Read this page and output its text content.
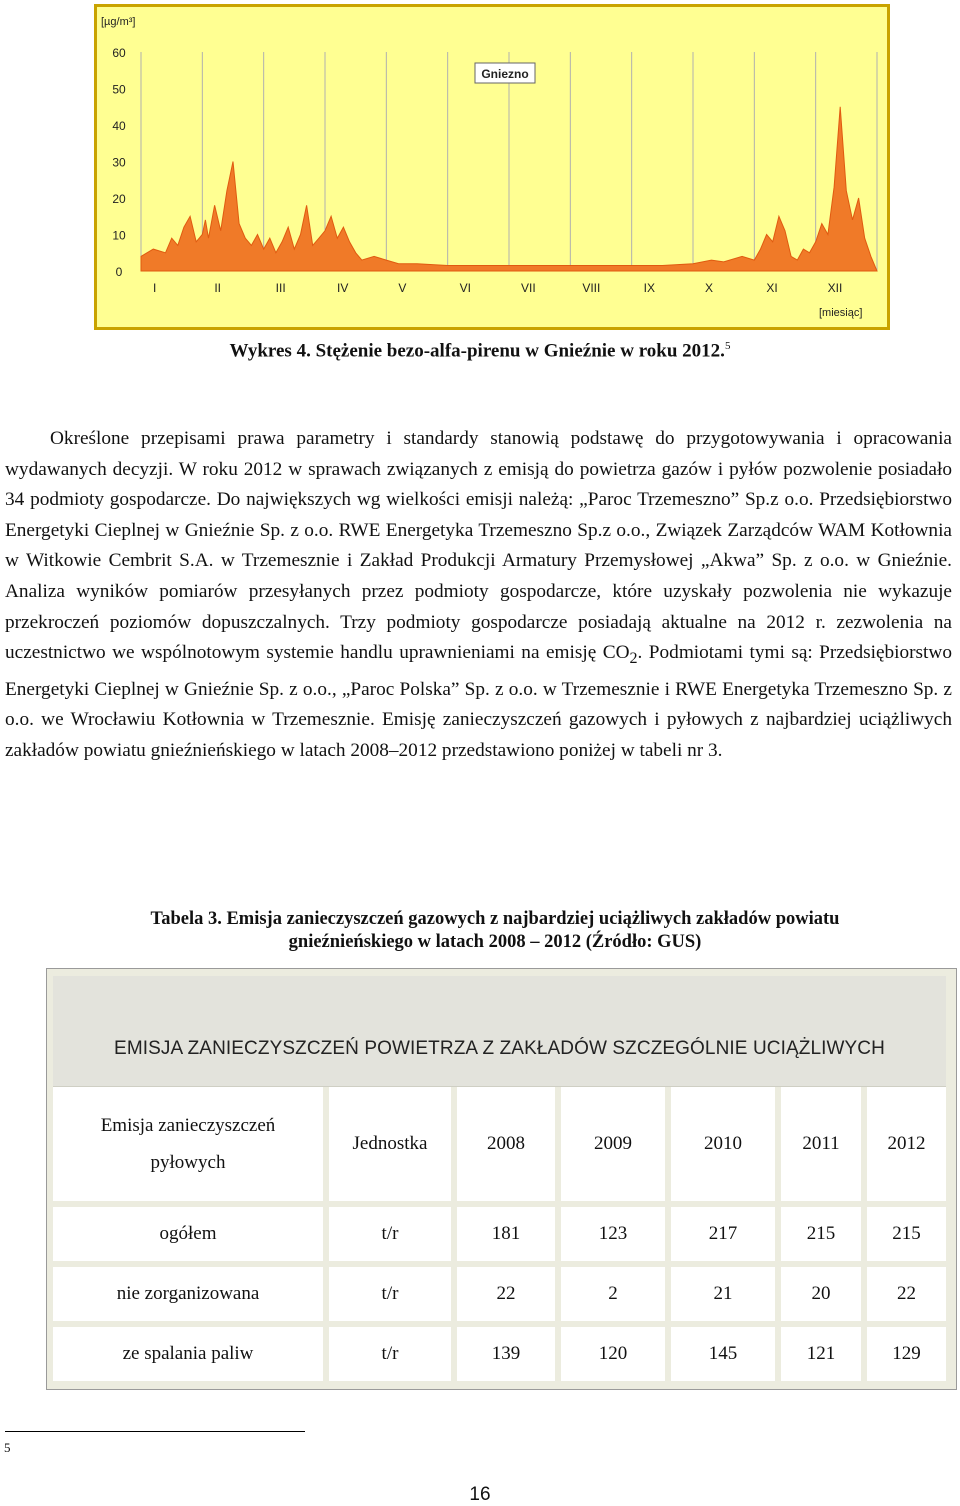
60
50
40
30
20
10
0
I	II	III	IV	V	VI	VII	VIII	IX	X	XI	XII
[µg/m³]
Gniezno
[miesiąc]
Wykres 4. Stężenie bezo-alfa-pirenu w Gnieźnie w roku 2012.$^5$

Określone przepisami prawa parametry i standardy stanowią podstawę do przygotowywania i opracowania wydawanych decyzji. W roku 2012 w sprawach związanych z emisją do powietrza gazów i pyłów pozwolenie posiadało 34 podmioty gospodarcze. Do największych wg wielkości emisji należą: „Paroc Trzemeszno” Sp.z o.o. Przedsiębiorstwo Energetyki Cieplnej w Gnieźnie Sp. z o.o. RWE Energetyka Trzemeszno Sp.z o.o., Związek Zarządców WAM Kotłownia w Witkowie Cembrit S.A. w Trzemesznie i Zakład Produkcji Armatury Przemysłowej „Akwa” Sp. z o.o. w Gnieźnie. Analiza wyników pomiarów przesyłanych przez podmioty gospodarcze, które uzyskały pozwolenia nie wykazuje przekroczeń poziomów dopuszczalnych. Trzy podmioty gospodarcze posiadają aktualne na 2012 r. zezwolenia na uczestnictwo we wspólnotowym systemie handlu uprawnieniami na emisję $CO_2$. Podmiotami tymi są: Przedsiębiorstwo Energetyki Cieplnej w Gnieźnie Sp. z o.o., „Paroc Polska” Sp. z o.o. w Trzemesznie i RWE Energetyka Trzemeszno Sp. z o.o. we Wrocławiu Kotłownia w Trzemesznie. Emisję zanieczyszczeń gazowych i pyłowych z najbardziej uciążliwych zakładów powiatu gnieźnieńskiego w latach 2008–2012 przedstawiono poniżej w tabeli nr 3.

Tabela 3. Emisja zanieczyszczeń gazowych z najbardziej uciążliwych zakładów powiatu
gnieźnieńskiego w latach 2008 – 2012 (Źródło: GUS)
EMISJA ZANIECZYSZCZEŃ POWIETRZA Z ZAKŁADÓW SZCZEGÓLNIE UCIĄŻLIWYCH
Emisja zanieczyszczeń
pyłowych	Jednostka	2008	2009	2010	2011	2012
ogółem	t/r	181	123	217	215	215
nie zorganizowana	t/r	22	2	21	20	22
ze spalania paliw	t/r	139	120	145	121	129
5
16
